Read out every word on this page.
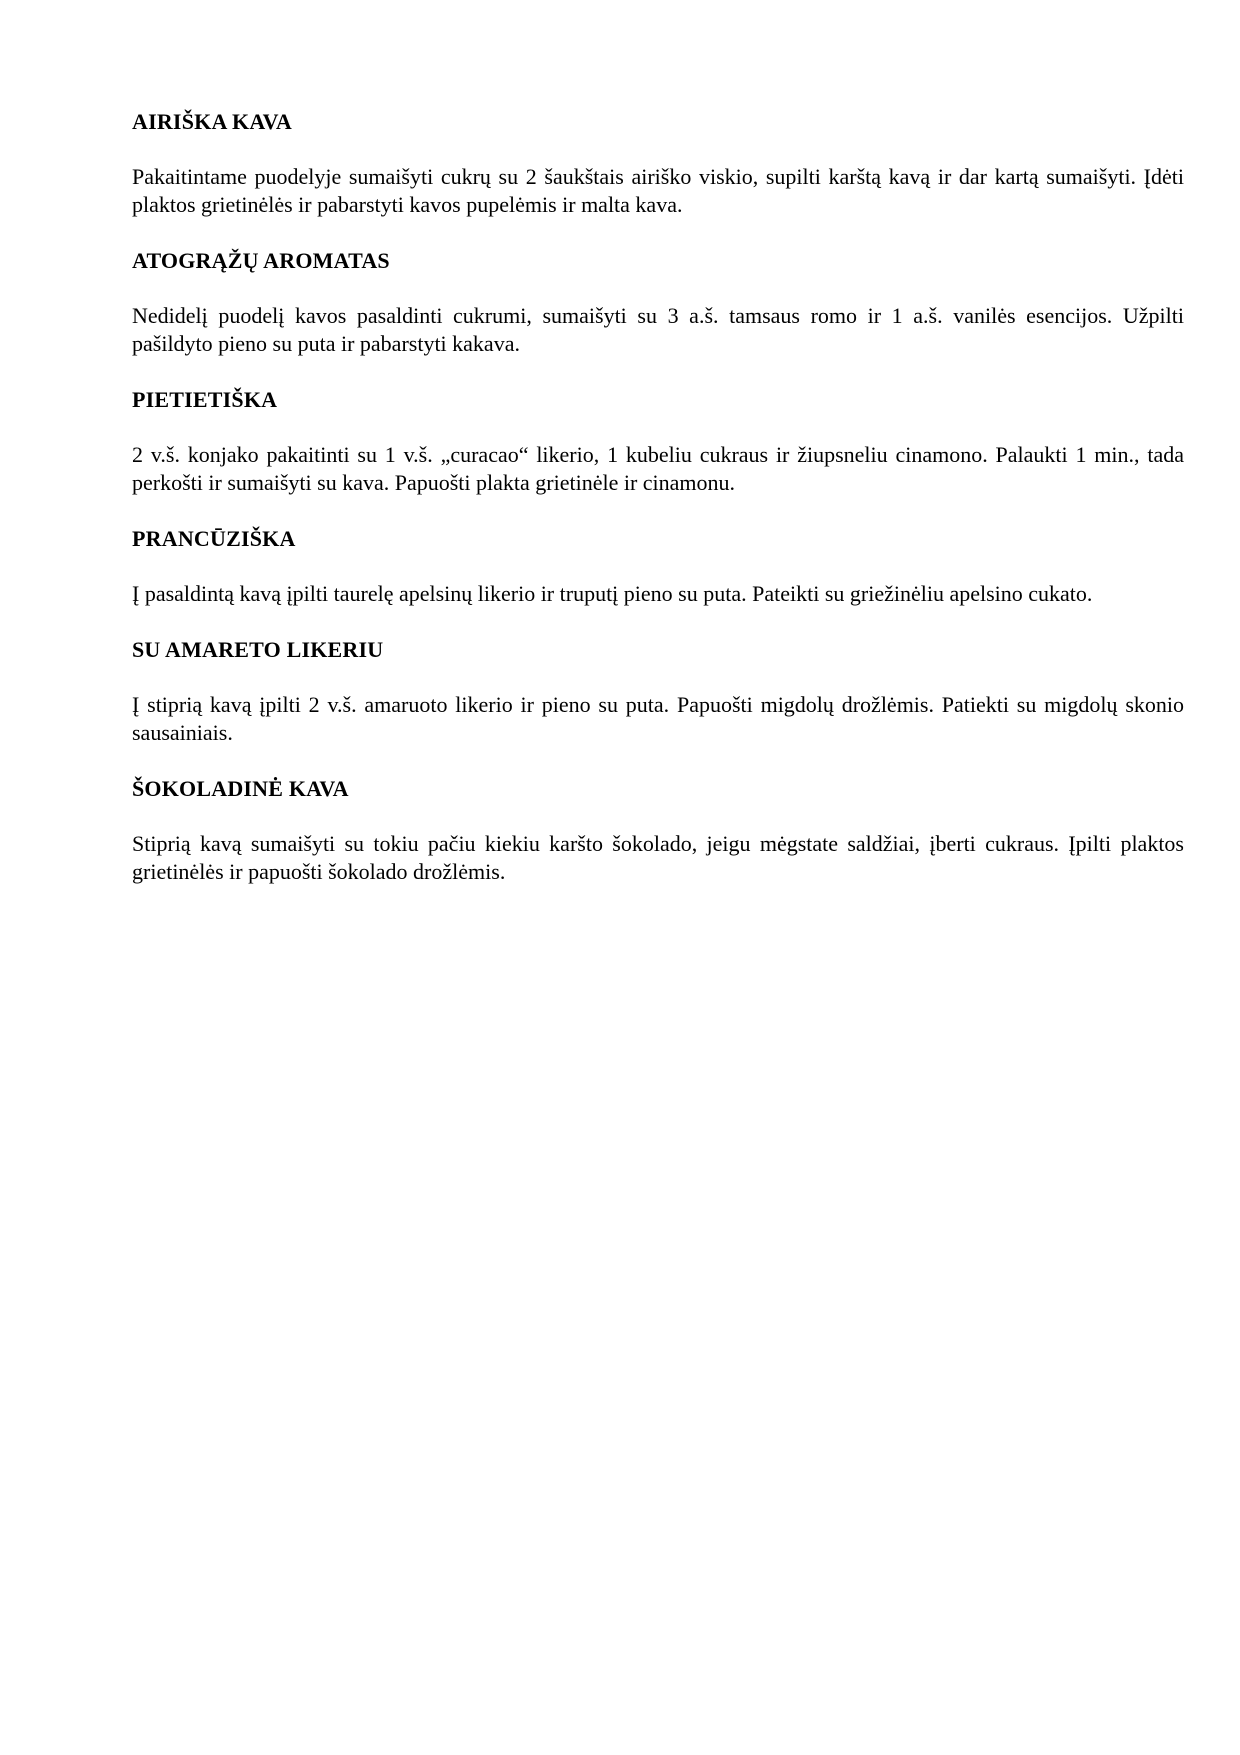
AIRIŠKA KAVA

Pakaitintame puodelyje sumaišyti cukrų su 2 šaukštais airiško viskio, supilti karštą kavą ir dar kartą sumaišyti. Įdėti plaktos grietinėlės ir pabarstyti kavos pupelėmis ir malta kava.

ATOGRĄŽŲ AROMATAS

Nedidelį puodelį kavos pasaldinti cukrumi, sumaišyti su 3 a.š. tamsaus romo ir 1 a.š. vanilės esencijos. Užpilti pašildyto pieno su puta ir pabarstyti kakava.

PIETIETIŠKA

2 v.š. konjako pakaitinti su 1 v.š. „curacao“ likerio, 1 kubeliu cukraus ir žiupsneliu cinamono. Palaukti 1 min., tada perkošti ir sumaišyti su kava. Papuošti plakta grietinėle ir cinamonu.

PRANCŪZIŠKA

Į pasaldintą kavą įpilti taurelę apelsinų likerio ir truputį pieno su puta. Pateikti su griežinėliu apelsino cukato.

SU AMARETO LIKERIU

Į stiprią kavą įpilti 2 v.š. amaruoto likerio ir pieno su puta. Papuošti migdolų drožlėmis. Patiekti su migdolų skonio sausainiais.

ŠOKOLADINĖ KAVA

Stiprią kavą sumaišyti su tokiu pačiu kiekiu karšto šokolado, jeigu mėgstate saldžiai, įberti cukraus. Įpilti plaktos grietinėlės ir papuošti šokolado drožlėmis.
